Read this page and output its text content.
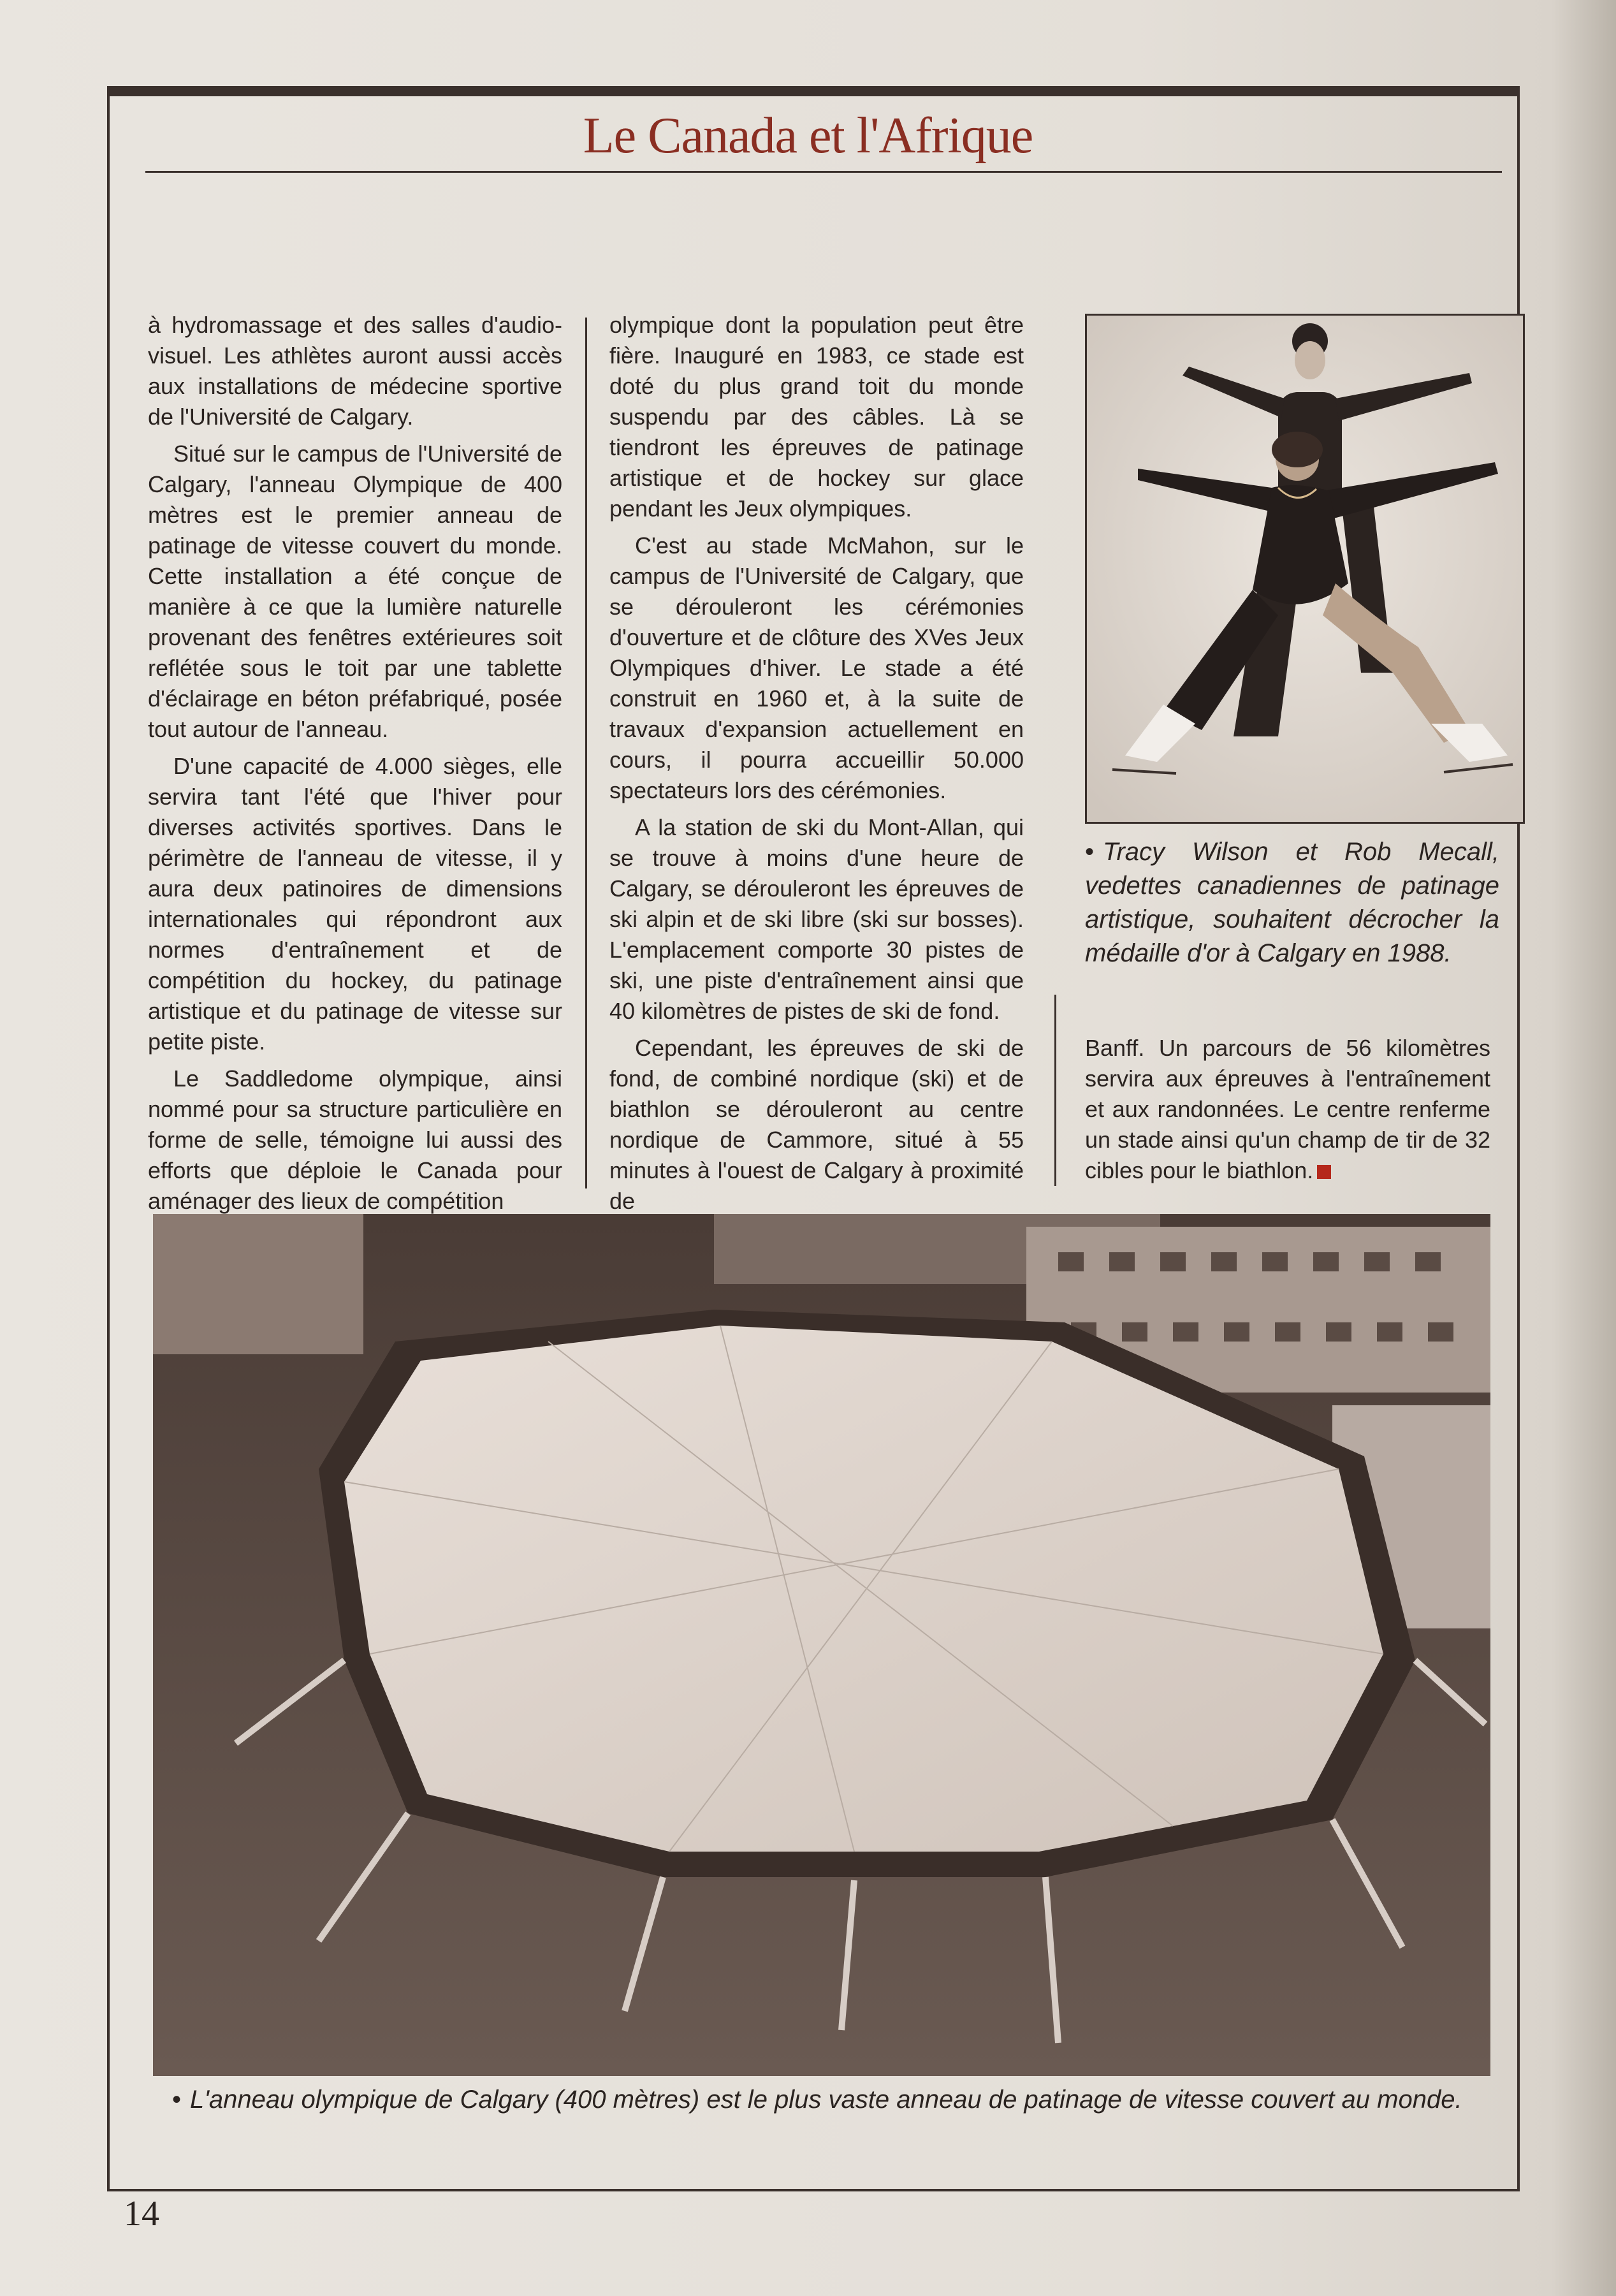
Le Canada et l'Afrique

à hydromassage et des salles d'audio-visuel. Les athlètes auront aussi accès aux installations de médecine sportive de l'Université de Calgary.

Situé sur le campus de l'Université de Calgary, l'anneau Olympique de 400 mètres est le premier anneau de patinage de vitesse couvert du monde. Cette installation a été conçue de manière à ce que la lumière naturelle provenant des fenêtres extérieures soit reflétée sous le toit par une tablette d'éclairage en béton préfabriqué, posée tout autour de l'anneau.

D'une capacité de 4.000 sièges, elle servira tant l'été que l'hiver pour diverses activités sportives. Dans le périmètre de l'anneau de vitesse, il y aura deux patinoires de dimensions internationales qui répondront aux normes d'entraînement et de compétition du hockey, du patinage artistique et du patinage de vitesse sur petite piste.

Le Saddledome olympique, ainsi nommé pour sa structure particulière en forme de selle, témoigne lui aussi des efforts que déploie le Canada pour aménager des lieux de compétition

olympique dont la population peut être fière. Inauguré en 1983, ce stade est doté du plus grand toit du monde suspendu par des câbles. Là se tiendront les épreuves de patinage artistique et de hockey sur glace pendant les Jeux olympiques.

C'est au stade McMahon, sur le campus de l'Université de Calgary, que se dérouleront les cérémonies d'ouverture et de clôture des XVes Jeux Olympiques d'hiver. Le stade a été construit en 1960 et, à la suite de travaux d'expansion actuellement en cours, il pourra accueillir 50.000 spectateurs lors des cérémonies.

A la station de ski du Mont-Allan, qui se trouve à moins d'une heure de Calgary, se dérouleront les épreuves de ski alpin et de ski libre (ski sur bosses). L'emplacement comporte 30 pistes de ski, une piste d'entraînement ainsi que 40 kilomètres de pistes de ski de fond.

Cependant, les épreuves de ski de fond, de combiné nordique (ski) et de biathlon se dérouleront au centre nordique de Cammore, situé à 55 minutes à l'ouest de Calgary à proximité de

• Tracy Wilson et Rob Mecall, vedettes canadiennes de patinage artistique, souhaitent décrocher la médaille d'or à Calgary en 1988.

Banff. Un parcours de 56 kilomètres servira aux épreuves à l'entraînement et aux randonnées. Le centre renferme un stade ainsi qu'un champ de tir de 32 cibles pour le biathlon.

• L'anneau olympique de Calgary (400 mètres) est le plus vaste anneau de patinage de vitesse couvert au monde.
14
